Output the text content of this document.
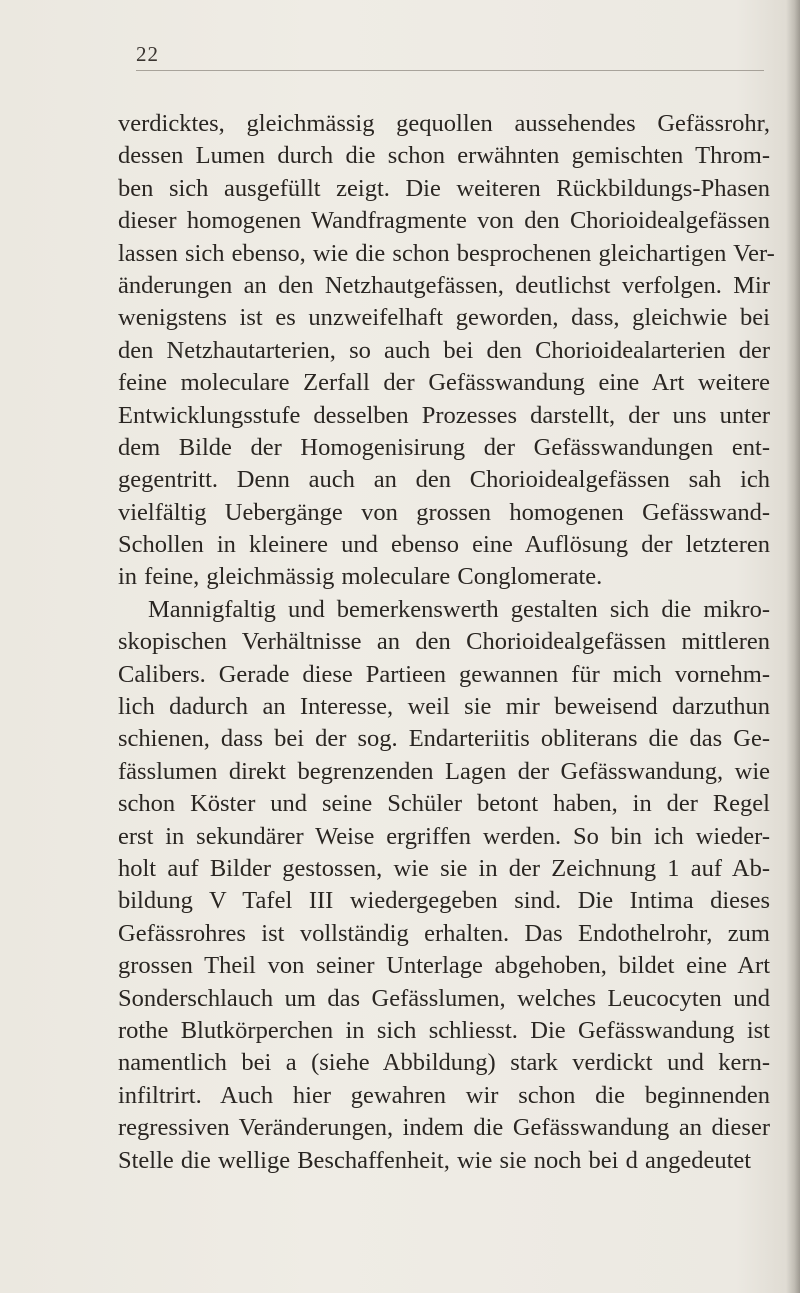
22
verdicktes, gleichmässig gequollen aussehendes Gefässrohr,
dessen Lumen durch die schon erwähnten gemischten Throm-
ben sich ausgefüllt zeigt. Die weiteren Rückbildungs-Phasen
dieser homogenen Wandfragmente von den Chorioidealgefässen
lassen sich ebenso, wie die schon besprochenen gleichartigen Ver-
änderungen an den Netzhautgefässen, deutlichst verfolgen. Mir
wenigstens ist es unzweifelhaft geworden, dass, gleichwie bei
den Netzhautarterien, so auch bei den Chorioidealarterien der
feine moleculare Zerfall der Gefässwandung eine Art weitere
Entwicklungsstufe desselben Prozesses darstellt, der uns unter
dem Bilde der Homogenisirung der Gefässwandungen ent-
gegentritt. Denn auch an den Chorioidealgefässen sah ich
vielfältig Uebergänge von grossen homogenen Gefässwand-
Schollen in kleinere und ebenso eine Auflösung der letzteren
in feine, gleichmässig moleculare Conglomerate.
Mannigfaltig und bemerkenswerth gestalten sich die mikro-
skopischen Verhältnisse an den Chorioidealgefässen mittleren
Calibers. Gerade diese Partieen gewannen für mich vornehm-
lich dadurch an Interesse, weil sie mir beweisend darzuthun
schienen, dass bei der sog. Endarteriitis obliterans die das Ge-
fässlumen direkt begrenzenden Lagen der Gefässwandung, wie
schon Köster und seine Schüler betont haben, in der Regel
erst in sekundärer Weise ergriffen werden. So bin ich wieder-
holt auf Bilder gestossen, wie sie in der Zeichnung 1 auf Ab-
bildung V Tafel III wiedergegeben sind. Die Intima dieses
Gefässrohres ist vollständig erhalten. Das Endothelrohr, zum
grossen Theil von seiner Unterlage abgehoben, bildet eine Art
Sonderschlauch um das Gefässlumen, welches Leucocyten und
rothe Blutkörperchen in sich schliesst. Die Gefässwandung ist
namentlich bei a (siehe Abbildung) stark verdickt und kern-
infiltrirt. Auch hier gewahren wir schon die beginnenden
regressiven Veränderungen, indem die Gefässwandung an dieser
Stelle die wellige Beschaffenheit, wie sie noch bei d angedeutet
